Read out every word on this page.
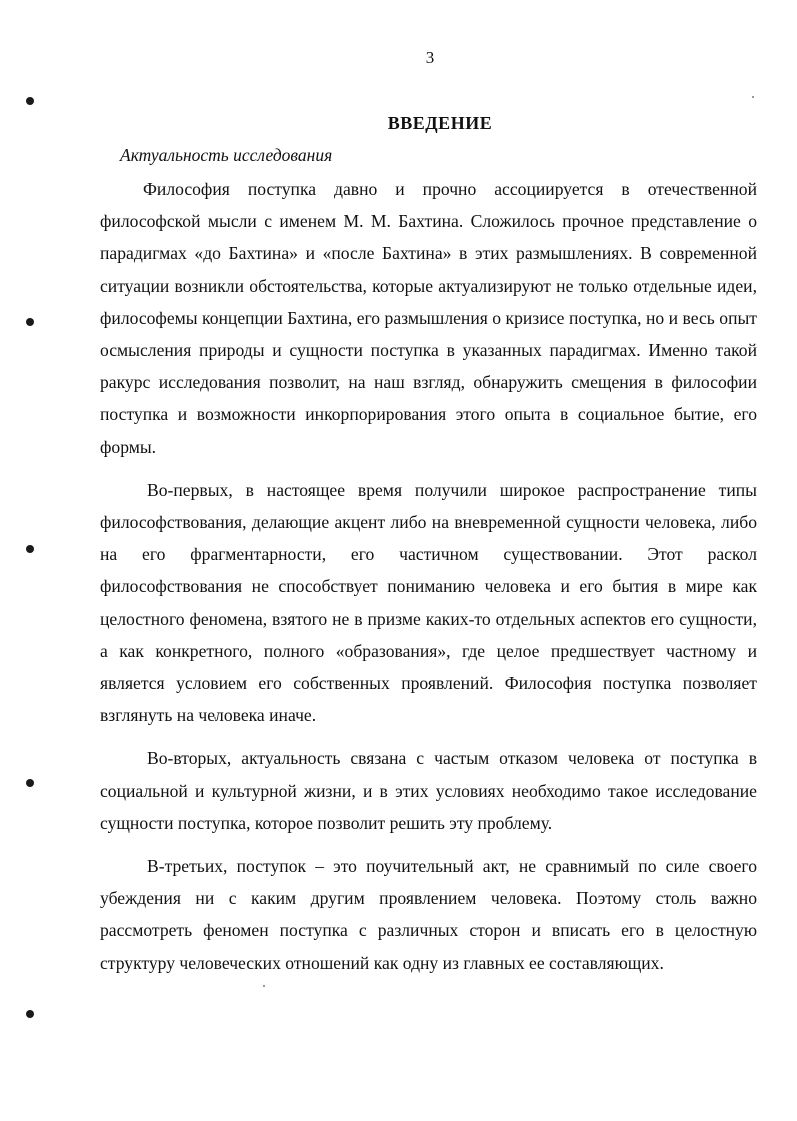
3
ВВЕДЕНИЕ
Актуальность исследования

Философия поступка давно и прочно ассоциируется в отечественной философской мысли с именем М. М. Бахтина. Сложилось прочное представление о парадигмах «до Бахтина» и «после Бахтина» в этих размышлениях. В современной ситуации возникли обстоятельства, которые актуализируют не только отдельные идеи, философемы концепции Бахтина, его размышления о кризисе поступка, но и весь опыт осмысления природы и сущности поступка в указанных парадигмах. Именно такой ракурс исследования позволит, на наш взгляд, обнаружить смещения в философии поступка и возможности инкорпорирования этого опыта в социальное бытие, его формы.

Во-первых, в настоящее время получили широкое распространение типы философствования, делающие акцент либо на вневременной сущности человека, либо на его фрагментарности, его частичном существовании. Этот раскол философствования не способствует пониманию человека и его бытия в мире как целостного феномена, взятого не в призме каких-то отдельных аспектов его сущности, а как конкретного, полного «образования», где целое предшествует частному и является условием его собственных проявлений. Философия поступка позволяет взглянуть на человека иначе.

Во-вторых, актуальность связана с частым отказом человека от поступка в социальной и культурной жизни, и в этих условиях необходимо такое исследование сущности поступка, которое позволит решить эту проблему.

В-третьих, поступок – это поучительный акт, не сравнимый по силе своего убеждения ни с каким другим проявлением человека. Поэтому столь важно рассмотреть феномен поступка с различных сторон и вписать его в целостную структуру человеческих отношений как одну из главных ее составляющих.
